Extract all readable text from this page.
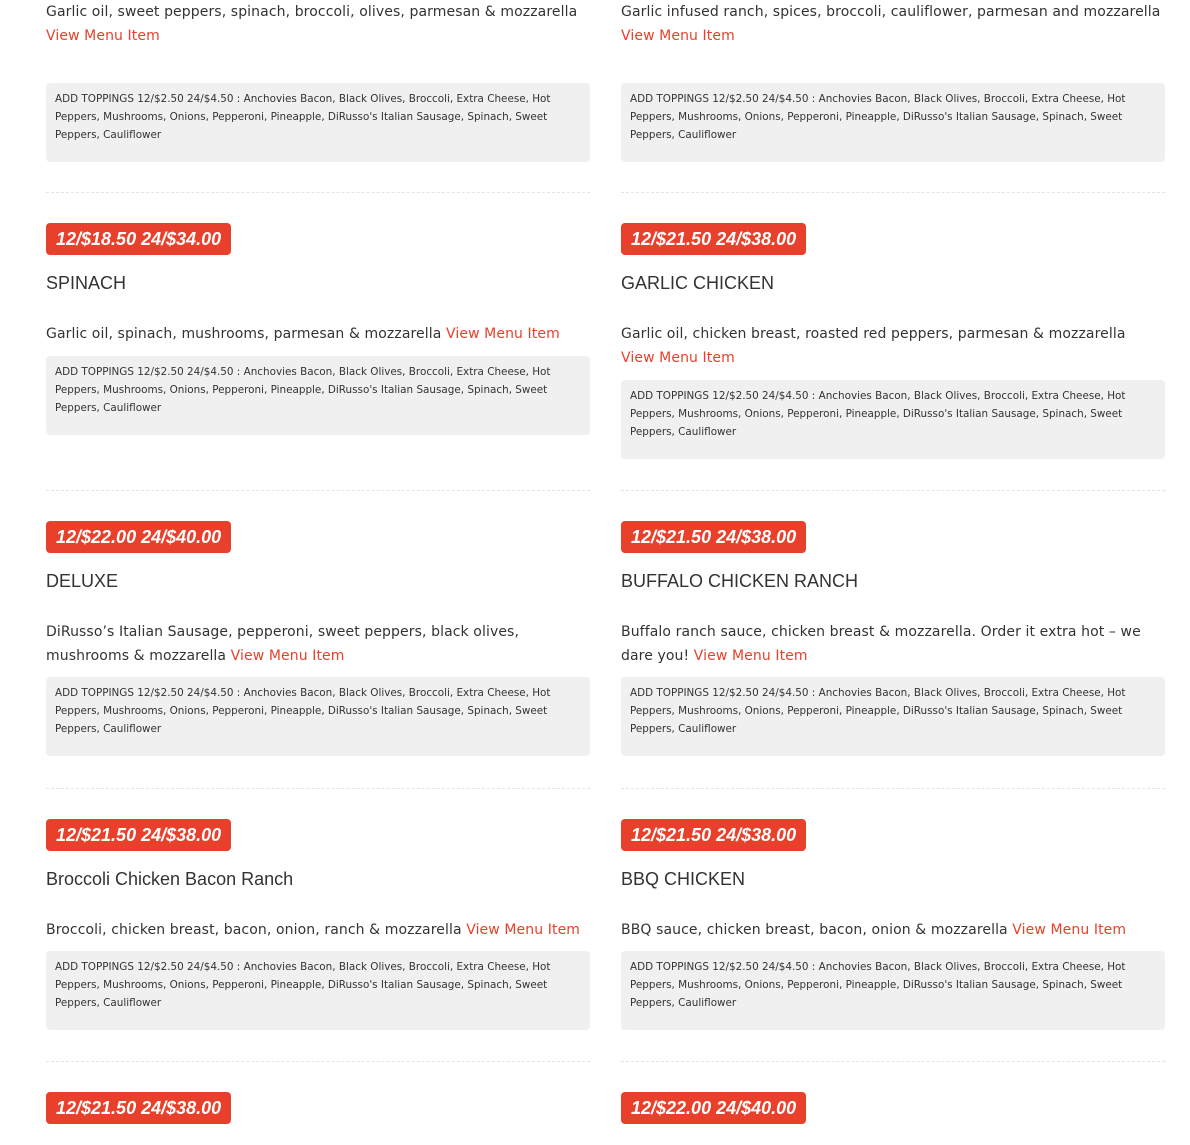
Garlic oil, sweet peppers, spinach, broccoli, olives, parmesan & mozzarella View Menu Item
ADD TOPPINGS 12/$2.50 24/$4.50 : Anchovies Bacon, Black Olives, Broccoli, Extra Cheese, Hot Peppers, Mushrooms, Onions, Pepperoni, Pineapple, DiRusso's Italian Sausage, Spinach, Sweet Peppers, Cauliflower
Garlic infused ranch, spices, broccoli, cauliflower, parmesan and mozzarella View Menu Item
ADD TOPPINGS 12/$2.50 24/$4.50 : Anchovies Bacon, Black Olives, Broccoli, Extra Cheese, Hot Peppers, Mushrooms, Onions, Pepperoni, Pineapple, DiRusso's Italian Sausage, Spinach, Sweet Peppers, Cauliflower
12/$18.50 24/$34.00
SPINACH
Garlic oil, spinach, mushrooms, parmesan & mozzarella View Menu Item
ADD TOPPINGS 12/$2.50 24/$4.50 : Anchovies Bacon, Black Olives, Broccoli, Extra Cheese, Hot Peppers, Mushrooms, Onions, Pepperoni, Pineapple, DiRusso's Italian Sausage, Spinach, Sweet Peppers, Cauliflower
12/$21.50 24/$38.00
GARLIC CHICKEN
Garlic oil, chicken breast, roasted red peppers, parmesan & mozzarella View Menu Item
ADD TOPPINGS 12/$2.50 24/$4.50 : Anchovies Bacon, Black Olives, Broccoli, Extra Cheese, Hot Peppers, Mushrooms, Onions, Pepperoni, Pineapple, DiRusso's Italian Sausage, Spinach, Sweet Peppers, Cauliflower
12/$22.00 24/$40.00
DELUXE
DiRusso’s Italian Sausage, pepperoni, sweet peppers, black olives, mushrooms & mozzarella View Menu Item
ADD TOPPINGS 12/$2.50 24/$4.50 : Anchovies Bacon, Black Olives, Broccoli, Extra Cheese, Hot Peppers, Mushrooms, Onions, Pepperoni, Pineapple, DiRusso's Italian Sausage, Spinach, Sweet Peppers, Cauliflower
12/$21.50 24/$38.00
BUFFALO CHICKEN RANCH
Buffalo ranch sauce, chicken breast & mozzarella. Order it extra hot – we dare you! View Menu Item
ADD TOPPINGS 12/$2.50 24/$4.50 : Anchovies Bacon, Black Olives, Broccoli, Extra Cheese, Hot Peppers, Mushrooms, Onions, Pepperoni, Pineapple, DiRusso's Italian Sausage, Spinach, Sweet Peppers, Cauliflower
12/$21.50 24/$38.00
Broccoli Chicken Bacon Ranch
Broccoli, chicken breast, bacon, onion, ranch & mozzarella View Menu Item
ADD TOPPINGS 12/$2.50 24/$4.50 : Anchovies Bacon, Black Olives, Broccoli, Extra Cheese, Hot Peppers, Mushrooms, Onions, Pepperoni, Pineapple, DiRusso's Italian Sausage, Spinach, Sweet Peppers, Cauliflower
12/$21.50 24/$38.00
BBQ CHICKEN
BBQ sauce, chicken breast, bacon, onion & mozzarella View Menu Item
ADD TOPPINGS 12/$2.50 24/$4.50 : Anchovies Bacon, Black Olives, Broccoli, Extra Cheese, Hot Peppers, Mushrooms, Onions, Pepperoni, Pineapple, DiRusso's Italian Sausage, Spinach, Sweet Peppers, Cauliflower
12/$21.50 24/$38.00	12/$22.00 24/$40.00
